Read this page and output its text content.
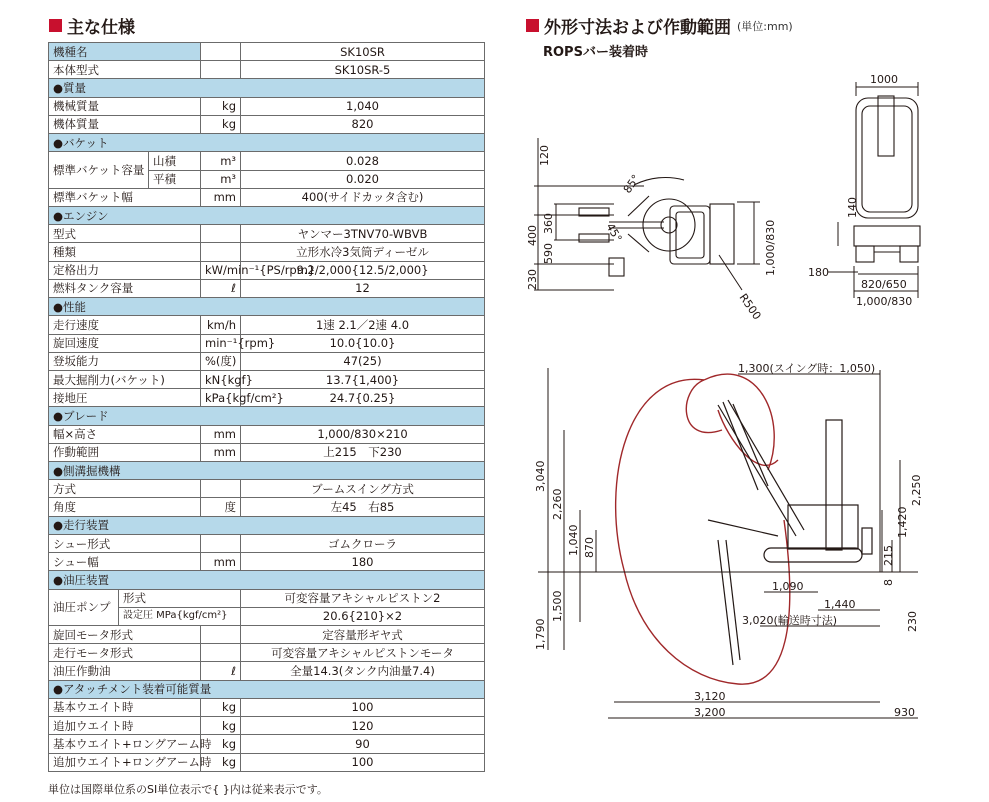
主な仕様	外形寸法および作動範囲 (単位:mm)
ROPSバー装着時
機種名				SK10SR
本体型式				SK10SR-5
●質量				
機械質量			kg	1,040
機体質量			kg	820
●バケット				
標準バケット容量		山積	m³	0.028
		平積	m³	0.020
標準バケット幅			mm	400(サイドカッタ含む)
●エンジン				
型式				ヤンマー3TNV70-WBVB
種類				立形水冷3気筒ディーゼル
定格出力			kW/min⁻¹{PS/rpm}	9.2/2,000{12.5/2,000}
燃料タンク容量			ℓ	12
●性能				
走行速度			km/h	1速 2.1／2速 4.0
旋回速度			min⁻¹{rpm}	10.0{10.0}
登坂能力			%(度)	47(25)
最大掘削力(バケット)			kN{kgf}	13.7{1,400}
接地圧			kPa{kgf/cm²}	24.7{0.25}
●ブレード				
幅×高さ			mm	1,000/830×210
作動範囲			mm	上215　下230
●側溝掘機構				
方式				ブームスイング方式
角度			度	左45　右85
●走行装置				
シュー形式				ゴムクローラ
シュー幅			mm	180
●油圧装置				
油圧ポンプ	形式			可変容量アキシャルピストン2
	設定圧 MPa{kgf/cm²}			20.6{210}×2
旋回モータ形式				定容量形ギヤ式
走行モータ形式				可変容量アキシャルピストンモータ
油圧作動油			ℓ	全量14.3(タンク内油量7.4)
●アタッチメント装着可能質量				
基本ウエイト時			kg	100
追加ウエイト時			kg	120
基本ウエイト+ロングアーム時			kg	90
追加ウエイト+ロングアーム時			kg	100
単位は国際単位系のSI単位表示で{ }内は従来表示です。
120
400
360
590
230
85°
45°	1,000/830
R500
1000
140
180
820/650
1,000/830
1,300(スイング時：1,050)
3,040
2,260
1,040 870
1,790
1,500
1,090
1,440
3,020(輸送時寸法)
3,120
3,200	930
2,250
1,420
215
8
230
